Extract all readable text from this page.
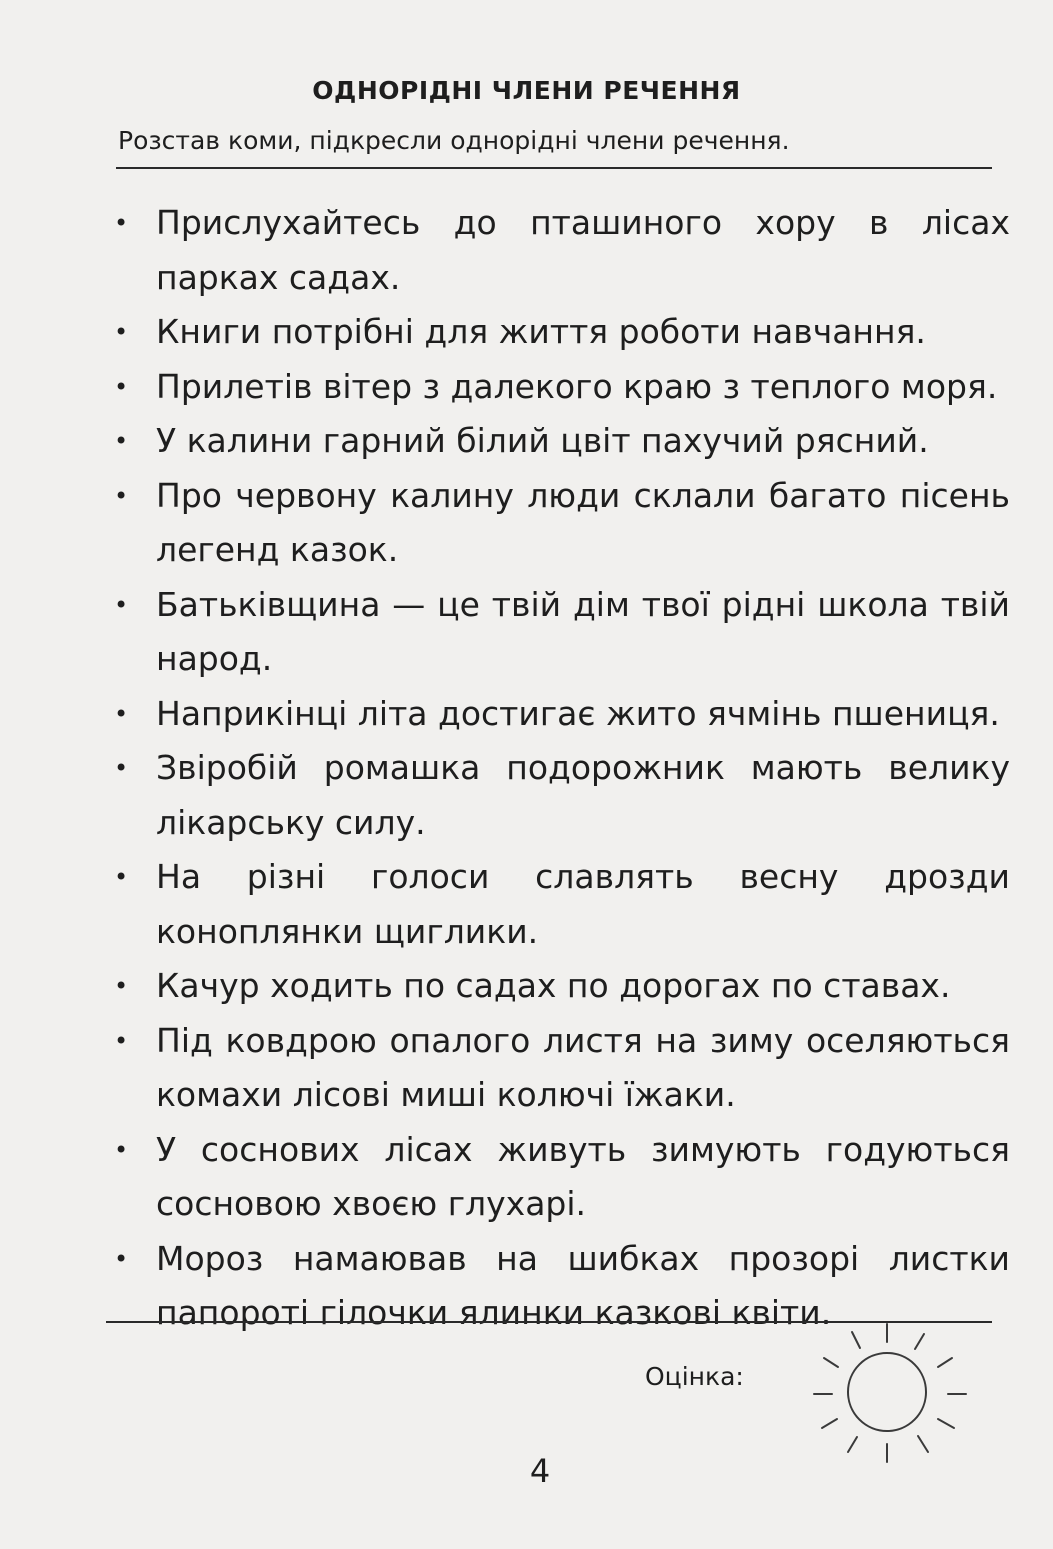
ОДНОРІДНІ ЧЛЕНИ РЕЧЕННЯ
Розстав коми, підкресли однорідні члени речення.
• Прислухайтесь до пташиного хору в лісах парках садах.
• Книги потрібні для життя роботи навчання.
• Прилетів вітер з далекого краю з теплого моря.
• У калини гарний білий цвіт пахучий рясний.
• Про червону калину люди склали багато пісень легенд казок.
• Батьківщина — це твій дім твої рідні школа твій народ.
• Наприкінці літа достигає жито ячмінь пшениця.
• Звіробій ромашка подорожник мають велику лікарську силу.
• На різні голоси славлять весну дрозди коноплянки щиглики.
• Качур ходить по садах по дорогах по ставах.
• Під ковдрою опалого листя на зиму оселяються комахи лісові миші колючі їжаки.
• У соснових лісах живуть зимують годуються сосновою хвоєю глухарі.
• Мороз намаював на шибках прозорі листки папороті гілочки ялинки казкові квіти.
Оцінка:
4
